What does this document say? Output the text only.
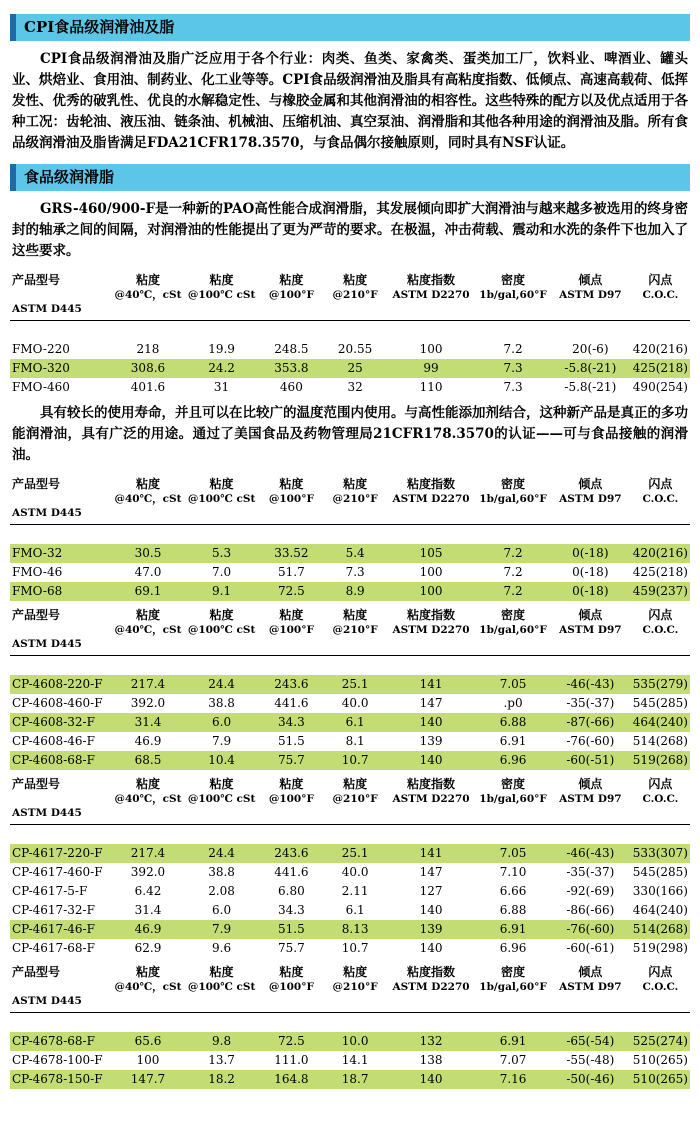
CPI食品级润滑油及脂
CPI食品级润滑油及脂广泛应用于各个行业：肉类、鱼类、家禽类、蛋类加工厂，饮料业、啤酒业、罐头业、烘焙业、食用油、制药业、化工业等等。CPI食品级润滑油及脂具有高粘度指数、低倾点、高速高载荷、低挥发性、优秀的破乳性、优良的水解稳定性、与橡胶金属和其他润滑油的相容性。这些特殊的配方以及优点适用于各种工况：齿轮油、液压油、链条油、机械油、压缩机油、真空泵油、润滑脂和其他各种用途的润滑油及脂。所有食品级润滑油及脂皆满足FDA21CFR178.3570，与食品偶尔接触原则，同时具有NSF认证。
食品级润滑脂
GRS-460/900-F是一种新的PAO高性能合成润滑脂，其发展倾向即扩大润滑油与越来越多被选用的终身密封的轴承之间的间隔，对润滑油的性能提出了更为严苛的要求。在极温，冲击荷载、震动和水洗的条件下也加入了这些要求。
产品型号	粘度	粘度	粘度	粘度	粘度指数	密度	倾点	闪点
	@40℃，cSt	@100℃ cSt	@100°F	@210°F	ASTM D2270	1b/gal,60°F	ASTM D97	C.O.C.
ASTM D445								

FMO-220	218	19.9	248.5	20.55	100	7.2	20(-6)	420(216)
FMO-320	308.6	24.2	353.8	25	99	7.3	-5.8(-21)	425(218)
FMO-460	401.6	31	460	32	110	7.3	-5.8(-21)	490(254)
具有较长的使用寿命，并且可以在比较广的温度范围内使用。与高性能添加剂结合，这种新产品是真正的多功能润滑油，具有广泛的用途。通过了美国食品及药物管理局21CFR178.3570的认证——可与食品接触的润滑油。
产品型号	粘度	粘度	粘度	粘度	粘度指数	密度	倾点	闪点
	@40℃，cSt	@100℃ cSt	@100°F	@210°F	ASTM D2270	1b/gal,60°F	ASTM D97	C.O.C.
ASTM D445								

FMO-32	30.5	5.3	33.52	5.4	105	7.2	0(-18)	420(216)
FMO-46	47.0	7.0	51.7	7.3	100	7.2	0(-18)	425(218)
FMO-68	69.1	9.1	72.5	8.9	100	7.2	0(-18)	459(237)
产品型号	粘度	粘度	粘度	粘度	粘度指数	密度	倾点	闪点
	@40℃，cSt	@100℃ cSt	@100°F	@210°F	ASTM D2270	1b/gal,60°F	ASTM D97	C.O.C.
ASTM D445								

CP-4608-220-F	217.4	24.4	243.6	25.1	141	7.05	-46(-43)	535(279)
CP-4608-460-F	392.0	38.8	441.6	40.0	147	.p0	-35(-37)	545(285)
CP-4608-32-F	31.4	6.0	34.3	6.1	140	6.88	-87(-66)	464(240)
CP-4608-46-F	46.9	7.9	51.5	8.1	139	6.91	-76(-60)	514(268)
CP-4608-68-F	68.5	10.4	75.7	10.7	140	6.96	-60(-51)	519(268)
产品型号	粘度	粘度	粘度	粘度	粘度指数	密度	倾点	闪点
	@40℃，cSt	@100℃ cSt	@100°F	@210°F	ASTM D2270	1b/gal,60°F	ASTM D97	C.O.C.
ASTM D445								

CP-4617-220-F	217.4	24.4	243.6	25.1	141	7.05	-46(-43)	533(307)
CP-4617-460-F	392.0	38.8	441.6	40.0	147	7.10	-35(-37)	545(285)
CP-4617-5-F	6.42	2.08	6.80	2.11	127	6.66	-92(-69)	330(166)
CP-4617-32-F	31.4	6.0	34.3	6.1	140	6.88	-86(-66)	464(240)
CP-4617-46-F	46.9	7.9	51.5	8.13	139	6.91	-76(-60)	514(268)
CP-4617-68-F	62.9	9.6	75.7	10.7	140	6.96	-60(-61)	519(298)
产品型号	粘度	粘度	粘度	粘度	粘度指数	密度	倾点	闪点
	@40℃，cSt	@100℃ cSt	@100°F	@210°F	ASTM D2270	1b/gal,60°F	ASTM D97	C.O.C.
ASTM D445								

CP-4678-68-F	65.6	9.8	72.5	10.0	132	6.91	-65(-54)	525(274)
CP-4678-100-F	100	13.7	111.0	14.1	138	7.07	-55(-48)	510(265)
CP-4678-150-F	147.7	18.2	164.8	18.7	140	7.16	-50(-46)	510(265)
